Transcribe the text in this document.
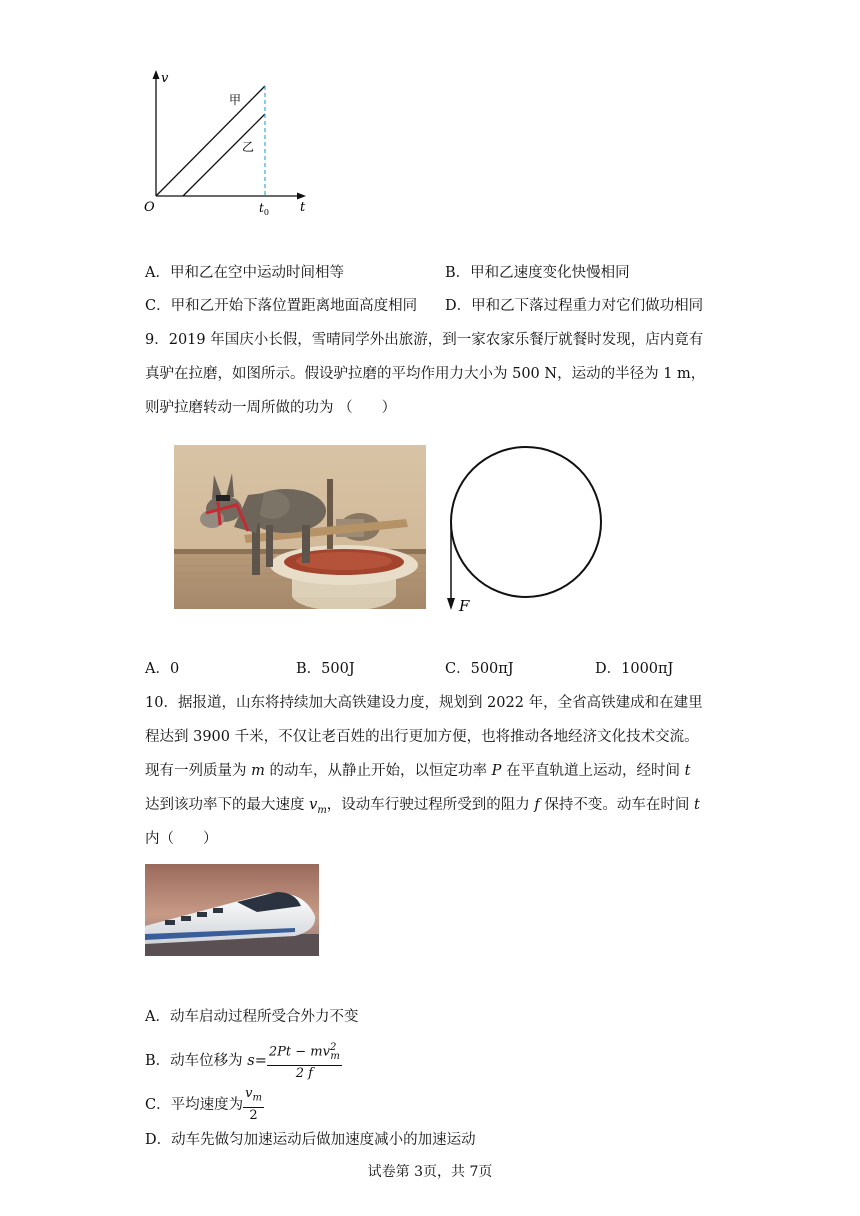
v
t
O	$t_0$
甲
乙
A．甲和乙在空中运动时间相等	B．甲和乙速度变化快慢相同
C．甲和乙开始下落位置距离地面高度相同 D．甲和乙下落过程重力对它们做功相同
9．2019 年国庆小长假，雪晴同学外出旅游，到一家农家乐餐厅就餐时发现，店内竟有
真驴在拉磨，如图所示。假设驴拉磨的平均作用力大小为 500 N，运动的半径为 1 m，
则驴拉磨转动一周所做的功为 （　　）
F
A．0	B．500J	C．500πJ	D．1000πJ
10．据报道，山东将持续加大高铁建设力度，规划到 2022 年，全省高铁建成和在建里
程达到 3900 千米，不仅让老百姓的出行更加方便，也将推动各地经济文化技术交流。
现有一列质量为 m 的动车，从静止开始，以恒定功率 P 在平直轨道上运动，经时间 t
达到该功率下的最大速度 $v_m$，设动车行驶过程所受到的阻力 f 保持不变。动车在时间 t
内（　　）
A．动车启动过程所受合外力不变
B．动车位移为 $s= \frac{2Pt - mv^2_m}{2 f}$
C．平均速度为 $\frac{v_m}{2}$
D．动车先做匀加速运动后做加速度减小的加速运动
试卷第 3页，共 7页
